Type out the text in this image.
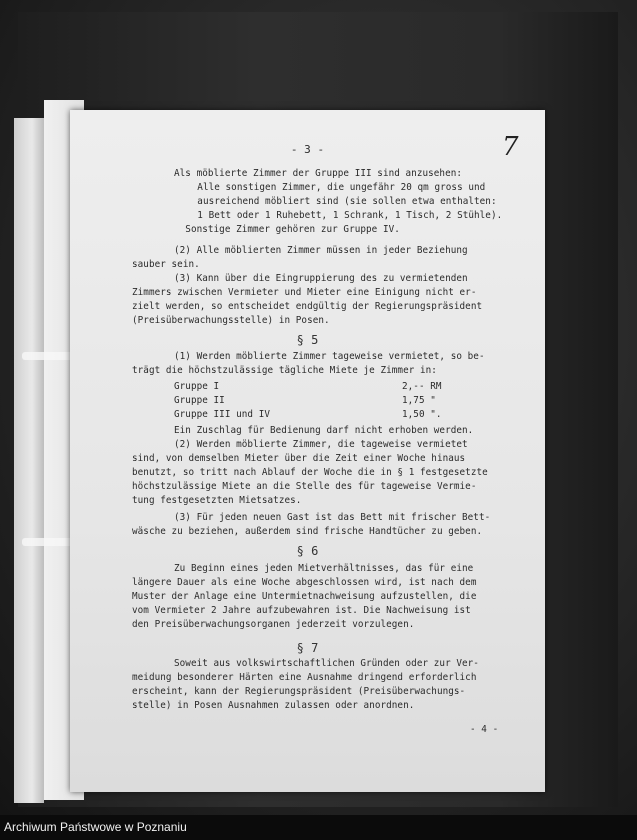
- 3 -	7
Als möblierte Zimmer der Gruppe III sind anzusehen:
Alle sonstigen Zimmer, die ungefähr 20 qm gross und
ausreichend möbliert sind (sie sollen etwa enthalten:
1 Bett oder 1 Ruhebett, 1 Schrank, 1 Tisch, 2 Stühle).
Sonstige Zimmer gehören zur Gruppe IV.
(2) Alle möblierten Zimmer müssen in jeder Beziehung
sauber sein.
(3) Kann über die Eingruppierung des zu vermietenden
Zimmers zwischen Vermieter und Mieter eine Einigung nicht er-
zielt werden, so entscheidet endgültig der Regierungspräsident
(Preisüberwachungsstelle) in Posen.
§ 5
(1) Werden möblierte Zimmer tageweise vermietet, so be-
trägt die höchstzulässige tägliche Miete je Zimmer in:
Gruppe I	2,-- RM
Gruppe II	1,75 "
Gruppe III und IV	1,50 ".
Ein Zuschlag für Bedienung darf nicht erhoben werden.
(2) Werden möblierte Zimmer, die tageweise vermietet
sind, von demselben Mieter über die Zeit einer Woche hinaus
benutzt, so tritt nach Ablauf der Woche die in § 1 festgesetzte
höchstzulässige Miete an die Stelle des für tageweise Vermie-
tung festgesetzten Mietsatzes.
(3) Für jeden neuen Gast ist das Bett mit frischer Bett-
wäsche zu beziehen, außerdem sind frische Handtücher zu geben.
§ 6
Zu Beginn eines jeden Mietverhältnisses, das für eine
längere Dauer als eine Woche abgeschlossen wird, ist nach dem
Muster der Anlage eine Untermietnachweisung aufzustellen, die
vom Vermieter 2 Jahre aufzubewahren ist. Die Nachweisung ist
den Preisüberwachungsorganen jederzeit vorzulegen.
§ 7
Soweit aus volkswirtschaftlichen Gründen oder zur Ver-
meidung besonderer Härten eine Ausnahme dringend erforderlich
erscheint, kann der Regierungspräsident (Preisüberwachungs-
stelle) in Posen Ausnahmen zulassen oder anordnen.
- 4 -
Archiwum Państwowe w Poznaniu
